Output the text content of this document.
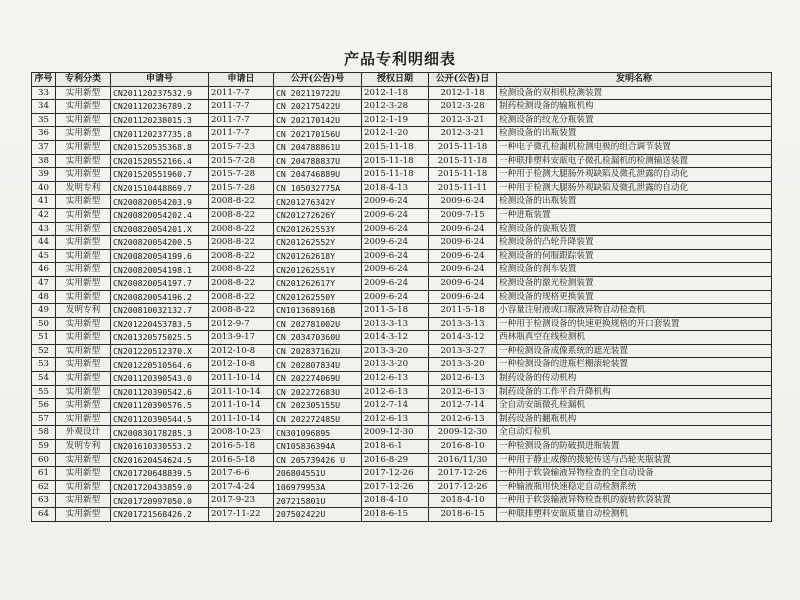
产品专利明细表
序号	专利分类	申请号	申请日	公开(公告)号	授权日期	公开(公告)日	发明名称
33	实用新型	CN201120237532.9	2011-7-7	CN 202119722U	2012-1-18	2012-1-18	检测设备的双相机检测装置
34	实用新型	CN201120236789.2	2011-7-7	CN 202175422U	2012-3-28	2012-3-28	制药检测设备的输瓶机构
35	实用新型	CN201120238015.3	2011-7-7	CN 202170142U	2012-1-19	2012-3-21	检测设备的绞龙分瓶装置
36	实用新型	CN201120237735.8	2011-7-7	CN 202170156U	2012-1-20	2012-3-21	检测设备的出瓶装置
37	实用新型	CN201520535368.8	2015-7-23	CN 204788861U	2015-11-18	2015-11-18	一种电子微孔检漏机检测电极的组合调节装置
38	实用新型	CN201520552166.4	2015-7-28	CN 204788837U	2015-11-18	2015-11-18	一种联排塑料安瓿电子微孔检漏机的检测输送装置
39	实用新型	CN201520551960.7	2015-7-28	CN 204746889U	2015-11-18	2015-11-18	一种用于检测大腿肠外观缺陷及微孔泄露的自动化
40	发明专利	CN201510448869.7	2015-7-28	CN 105032775A	2018-4-13	2015-11-11	一种用于检测大腿肠外观缺陷及微孔泄露的自动化
41	实用新型	CN200820054203.9	2008-8-22	CN201276342Y	2009-6-24	2009-6-24	检测设备的出瓶装置
42	实用新型	CN200820054202.4	2008-8-22	CN201272626Y	2009-6-24	2009-7-15	一种进瓶装置
43	实用新型	CN200820054201.X	2008-8-22	CN201262553Y	2009-6-24	2009-6-24	检测设备的旋瓶装置
44	实用新型	CN200820054200.5	2008-8-22	CN201262552Y	2009-6-24	2009-6-24	检测设备的凸轮升降装置
45	实用新型	CN200820054199.6	2008-8-22	CN201262618Y	2009-6-24	2009-6-24	检测设备的伺服跟踪装置
46	实用新型	CN200820054198.1	2008-8-22	CN201262551Y	2009-6-24	2009-6-24	检测设备的刹车装置
47	实用新型	CN200820054197.7	2008-8-22	CN201262617Y	2009-6-24	2009-6-24	检测设备的激光检测装置
48	实用新型	CN200820054196.2	2008-8-22	CN201262550Y	2009-6-24	2009-6-24	检测设备的规格更换装置
49	发明专利	CN200810032132.7	2008-8-22	CN101368916B	2011-5-18	2011-5-18	小容量注射液或口服液异物自动检查机
50	实用新型	CN201220453783.5	2012-9-7	CN 202781002U	2013-3-13	2013-3-13	一种用于检测设备的快速更换规格的开口套装置
51	实用新型	CN201320575025.5	2013-9-17	CN 203470360U	2014-3-12	2014-3-12	西林瓶真空在线检测机
52	实用新型	CN201220512370.X	2012-10-8	CN 202837162U	2013-3-20	2013-3-27	一种检测设备成像系统的遮光装置
53	实用新型	CN201220510564.6	2012-10-8	CN 202807834U	2013-3-20	2013-3-20	一种检测设备的进瓶栏栅滚轮装置
54	实用新型	CN201120390543.0	2011-10-14	CN 202274069U	2012-6-13	2012-6-13	制药设备的传动机构
55	实用新型	CN201120390542.6	2011-10-14	CN 202272683U	2012-6-13	2012-6-13	制药设备的工作平台升降机构
56	实用新型	CN201120390576.5	2011-10-14	CN 202305155U	2012-7-14	2012-7-14	全自动安瓿微孔检漏机
57	实用新型	CN201120390544.5	2011-10-14	CN 202272485U	2012-6-13	2012-6-13	制药设备的翻瓶机构
58	外观设计	CN200830178285.3	2008-10-23	CN301096895	2009-12-30	2009-12-30	全自动灯检机
59	发明专利	CN201610330553.2	2016-5-18	CN105836394A	2018-6-1	2016-8-10	一种检测设备的防破损进瓶装置
60	实用新型	CN201620454624.5	2016-5-18	CN 205739426 U	2016-8-29	2016/11/30	一种用于静止成像的拨轮传送与凸轮夹瓶装置
61	实用新型	CN201720648839.5	2017-6-6	206804551U	2017-12-26	2017-12-26	一种用于软袋输液异物检查的全自动设备
62	实用新型	CN201720433859.0	2017-4-24	106979953A	2017-12-26	2017-12-26	一种输液瓶用快速稳定自动检测系统
63	实用新型	CN201720997050.0	2017-9-23	207215801U	2018-4-10	2018-4-10	一种用于软袋输液异物检查机的旋转软袋装置
64	实用新型	CN201721568426.2	2017-11-22	207502422U	2018-6-15	2018-6-15	一种联排塑料安瓿质量自动检测机
